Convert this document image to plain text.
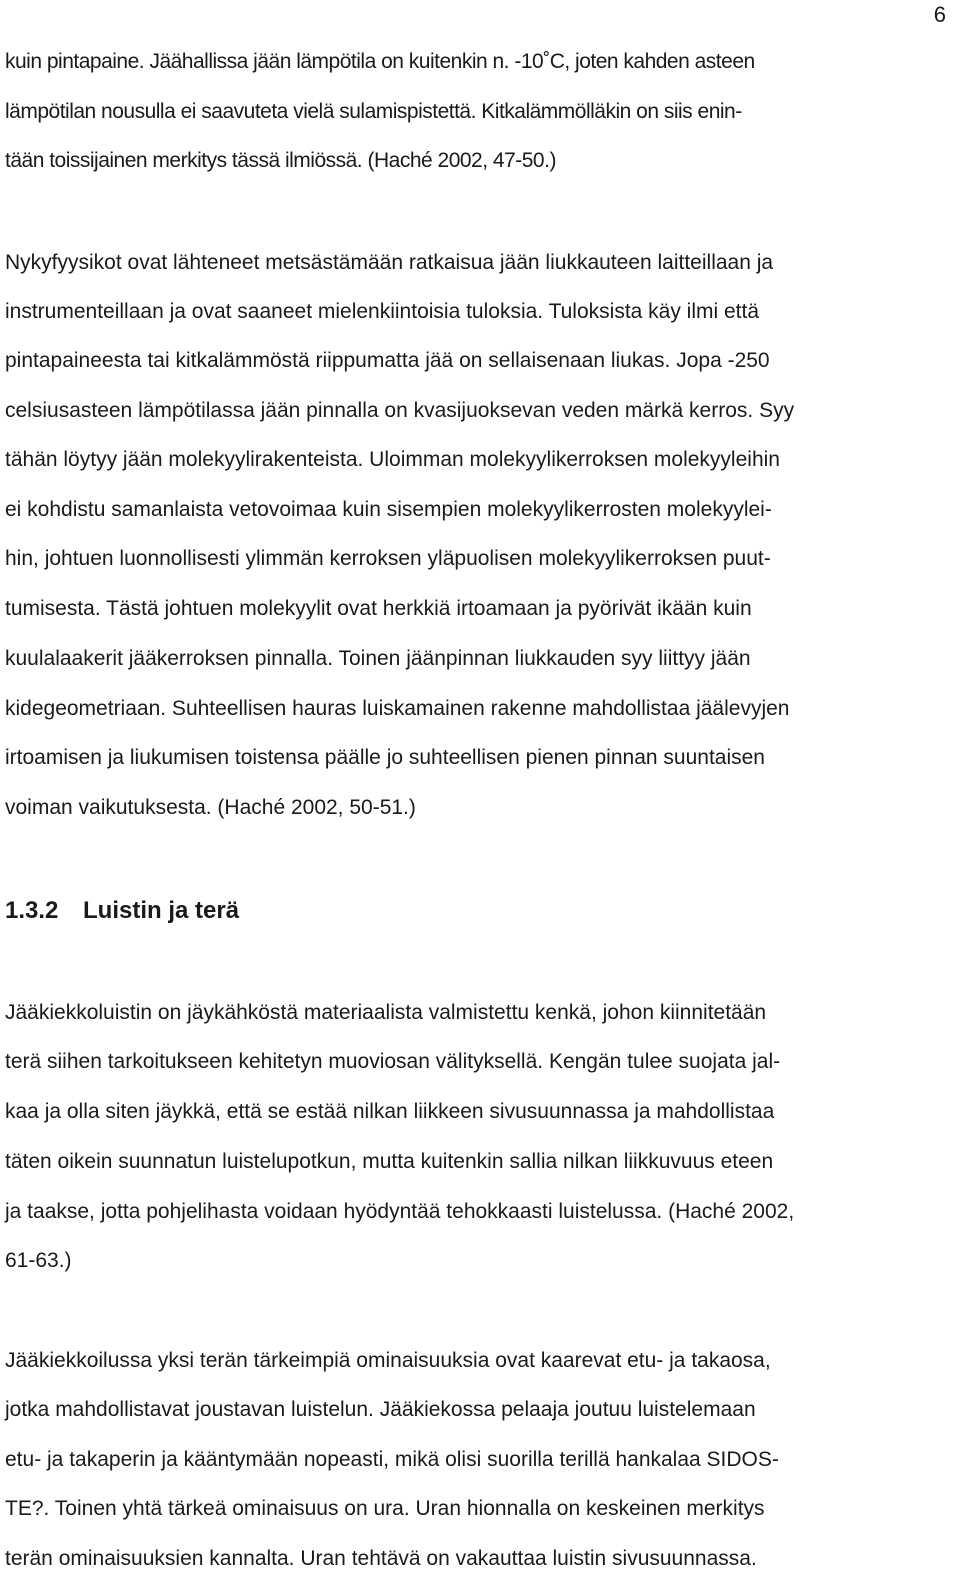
6
kuin pintapaine. Jäähallissa jään lämpötila on kuitenkin n. -10˚C, joten kahden asteen
lämpötilan nousulla ei saavuteta vielä sulamispistettä. Kitkalämmölläkin on siis enin-
tään toissijainen merkitys tässä ilmiössä. (Haché 2002, 47-50.)
Nykyfyysikot ovat lähteneet metsästämään ratkaisua jään liukkauteen laitteillaan ja
instrumenteillaan ja ovat saaneet mielenkiintoisia tuloksia. Tuloksista käy ilmi että
pintapaineesta tai kitkalämmöstä riippumatta jää on sellaisenaan liukas. Jopa -250
celsiusasteen lämpötilassa jään pinnalla on kvasijuoksevan veden märkä kerros. Syy
tähän löytyy jään molekyylirakenteista. Uloimman molekyylikerroksen molekyyleihin
ei kohdistu samanlaista vetovoimaa kuin sisempien molekyylikerrosten molekyylei-
hin, johtuen luonnollisesti ylimmän kerroksen yläpuolisen molekyylikerroksen puut-
tumisesta. Tästä johtuen molekyylit ovat herkkiä irtoamaan ja pyörivät ikään kuin
kuulalaakerit jääkerroksen pinnalla. Toinen jäänpinnan liukkauden syy liittyy jään
kidegeometriaan. Suhteellisen hauras luiskamainen rakenne mahdollistaa jäälevyjen
irtoamisen ja liukumisen toistensa päälle jo suhteellisen pienen pinnan suuntaisen
voiman vaikutuksesta. (Haché 2002, 50-51.)
1.3.2 Luistin ja terä
Jääkiekkoluistin on jäykähköstä materiaalista valmistettu kenkä, johon kiinnitetään
terä siihen tarkoitukseen kehitetyn muoviosan välityksellä. Kengän tulee suojata jal-
kaa ja olla siten jäykkä, että se estää nilkan liikkeen sivusuunnassa ja mahdollistaa
täten oikein suunnatun luistelupotkun, mutta kuitenkin sallia nilkan liikkuvuus eteen
ja taakse, jotta pohjelihasta voidaan hyödyntää tehokkaasti luistelussa. (Haché 2002,
61-63.)
Jääkiekkoilussa yksi terän tärkeimpiä ominaisuuksia ovat kaarevat etu- ja takaosa,
jotka mahdollistavat joustavan luistelun. Jääkiekossa pelaaja joutuu luistelemaan
etu- ja takaperin ja kääntymään nopeasti, mikä olisi suorilla terillä hankalaa SIDOS-
TE?. Toinen yhtä tärkeä ominaisuus on ura. Uran hionnalla on keskeinen merkitys
terän ominaisuuksien kannalta. Uran tehtävä on vakauttaa luistin sivusuunnassa.
